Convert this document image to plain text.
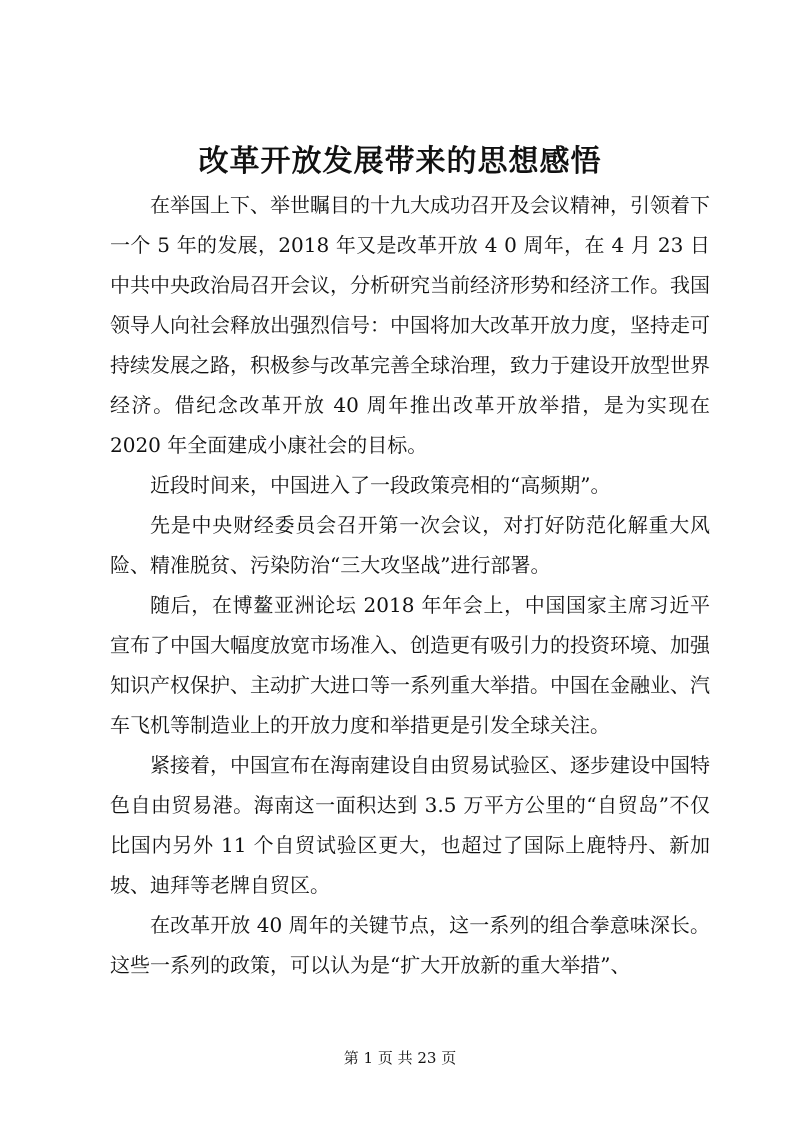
改革开放发展带来的思想感悟

在举国上下、举世瞩目的十九大成功召开及会议精神，引领着下一个 5 年的发展，2018 年又是改革开放 4 0 周年，在 4 月 23 日中共中央政治局召开会议，分析研究当前经济形势和经济工作。我国领导人向社会释放出强烈信号：中国将加大改革开放力度，坚持走可持续发展之路，积极参与改革完善全球治理，致力于建设开放型世界经济。借纪念改革开放 40 周年推出改革开放举措，是为实现在 2020 年全面建成小康社会的目标。

近段时间来，中国进入了一段政策亮相的“高频期”。

先是中央财经委员会召开第一次会议，对打好防范化解重大风险、精准脱贫、污染防治“三大攻坚战”进行部署。

随后，在博鳌亚洲论坛 2018 年年会上，中国国家主席习近平宣布了中国大幅度放宽市场准入、创造更有吸引力的投资环境、加强知识产权保护、主动扩大进口等一系列重大举措。中国在金融业、汽车飞机等制造业上的开放力度和举措更是引发全球关注。

紧接着，中国宣布在海南建设自由贸易试验区、逐步建设中国特色自由贸易港。海南这一面积达到 3.5 万平方公里的“自贸岛”不仅比国内另外 11 个自贸试验区更大，也超过了国际上鹿特丹、新加坡、迪拜等老牌自贸区。

在改革开放 40 周年的关键节点，这一系列的组合拳意味深长。这些一系列的政策，可以认为是“扩大开放新的重大举措”、

第 1 页 共 23 页
